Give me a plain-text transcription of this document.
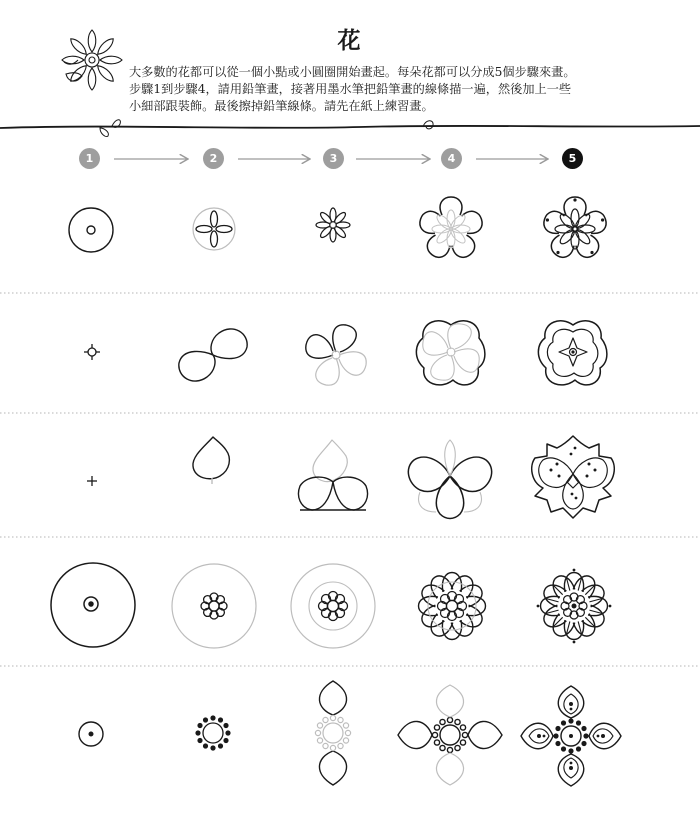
花
大多數的花都可以從一個小點或小圓圈開始畫起。每朵花都可以分成5個步驟來畫。
步驟1到步驟4，請用鉛筆畫，接著用墨水筆把鉛筆畫的線條描一遍，然後加上一些
小細部跟裝飾。最後擦掉鉛筆線條。請先在紙上練習畫。
1	2	3	4	5
